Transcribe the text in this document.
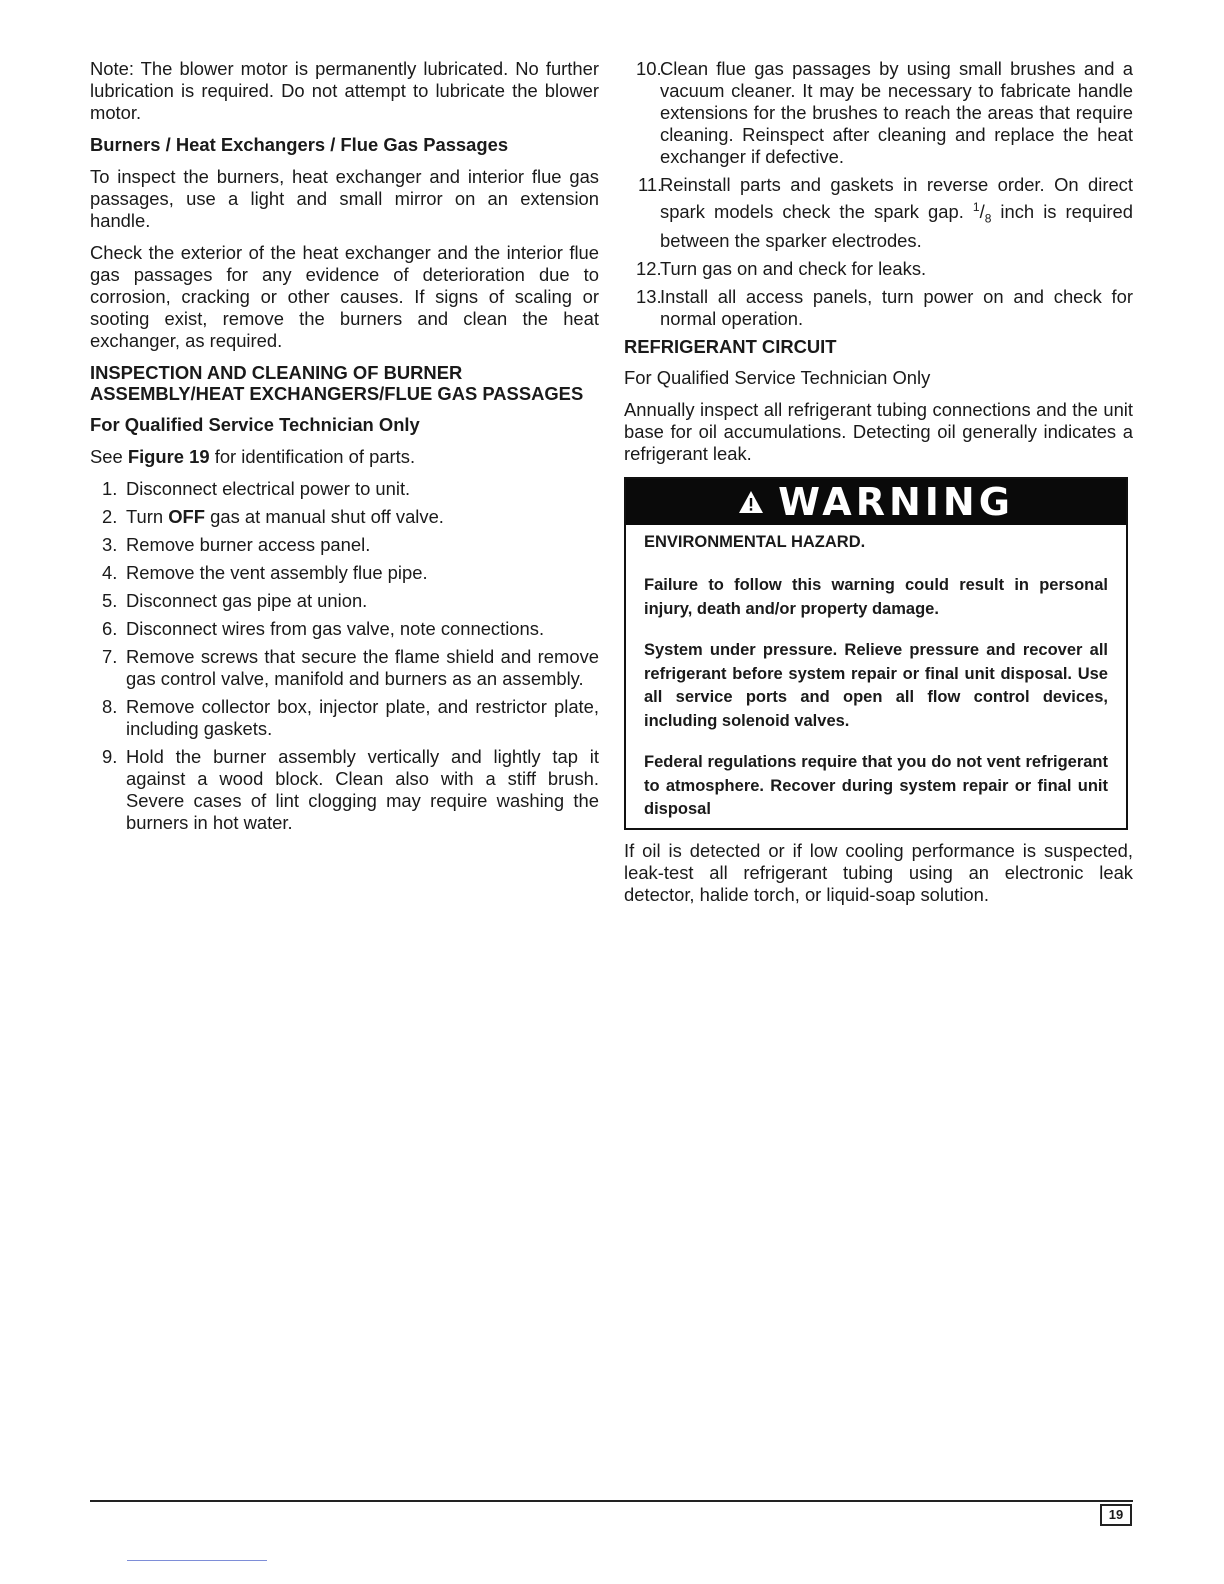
Note: The blower motor is permanently lubricated. No further lubrication is required. Do not attempt to lubricate the blower motor.

Burners / Heat Exchangers / Flue Gas Passages

To inspect the burners, heat exchanger and interior flue gas passages, use a light and small mirror on an extension handle.

Check the exterior of the heat exchanger and the interior flue gas passages for any evidence of deterioration due to corrosion, cracking or other causes. If signs of scaling or sooting exist, remove the burners and clean the heat exchanger, as required.

INSPECTION AND CLEANING OF BURNER ASSEMBLY/HEAT EXCHANGERS/FLUE GAS PASSAGES
For Qualified Service Technician Only

See Figure 19 for identification of parts.

1. Disconnect electrical power to unit.
2. Turn OFF gas at manual shut off valve.
3. Remove burner access panel.
4. Remove the vent assembly flue pipe.
5. Disconnect gas pipe at union.
6. Disconnect wires from gas valve, note connections.
7. Remove screws that secure the flame shield and remove gas control valve, manifold and burners as an assembly.
8. Remove collector box, injector plate, and restrictor plate, including gaskets.
9. Hold the burner assembly vertically and lightly tap it against a wood block. Clean also with a stiff brush. Severe cases of lint clogging may require washing the burners in hot water.
10.
Clean flue gas passages by using small brushes and a vacuum cleaner. It may be necessary to fabricate handle extensions for the brushes to reach the areas that require cleaning. Reinspect after cleaning and replace the heat exchanger if defective.
11.
Reinstall parts and gaskets in reverse order. On direct spark models check the spark gap. $^1/_8$ inch is required between the sparker electrodes.
12.
Turn gas on and check for leaks.
13.
Install all access panels, turn power on and check for normal operation.
REFRIGERANT CIRCUIT

For Qualified Service Technician Only

Annually inspect all refrigerant tubing connections and the unit base for oil accumulations. Detecting oil generally indicates a refrigerant leak.

WARNING
ENVIRONMENTAL HAZARD.
Failure to follow this warning could result in personal injury, death and/or property damage.
System under pressure. Relieve pressure and recover all refrigerant before system repair or final unit disposal. Use all service ports and open all flow control devices, including solenoid valves.
Federal regulations require that you do not vent refrigerant to atmosphere. Recover during system repair or final unit disposal

If oil is detected or if low cooling performance is suspected, leak-test all refrigerant tubing using an electronic leak detector, halide torch, or liquid-soap solution.

19
